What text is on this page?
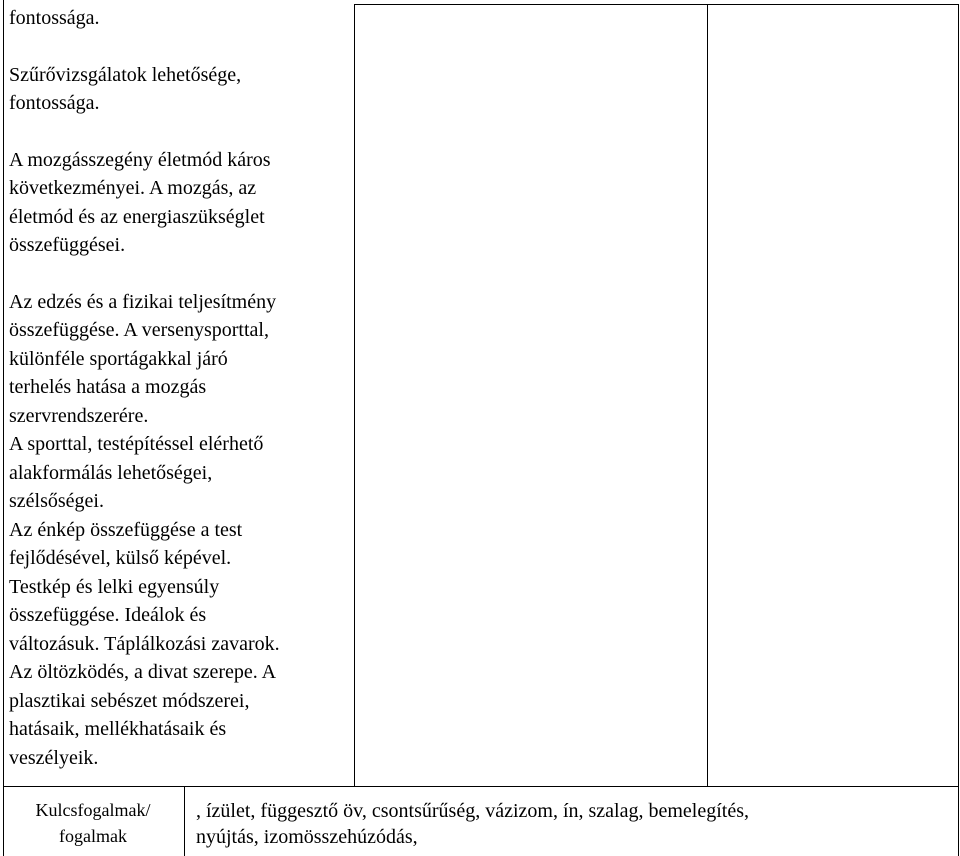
fontossága.

Szűrővizsgálatok lehetősége,
fontossága.

A mozgásszegény életmód káros
következményei. A mozgás, az
életmód és az energiaszükséglet
összefüggései.

Az edzés és a fizikai teljesítmény
összefüggése. A versenysporttal,
különféle sportágakkal járó
terhelés hatása a mozgás
szervrendszerére.

A sporttal, testépítéssel elérhető
alakformálás lehetőségei,
szélsőségei.

Az énkép összefüggése a test
fejlődésével, külső képével.

Testkép és lelki egyensúly
összefüggése. Ideálok és
változásuk. Táplálkozási zavarok.

Az öltözködés, a divat szerepe. A
plasztikai sebészet módszerei,
hatásaik, mellékhatásaik és
veszélyeik.

Kulcsfogalmak/
fogalmak
, ízület, függesztő öv, csontsűrűség, vázizom, ín, szalag, bemelegítés,
nyújtás, izomösszehúzódás,
